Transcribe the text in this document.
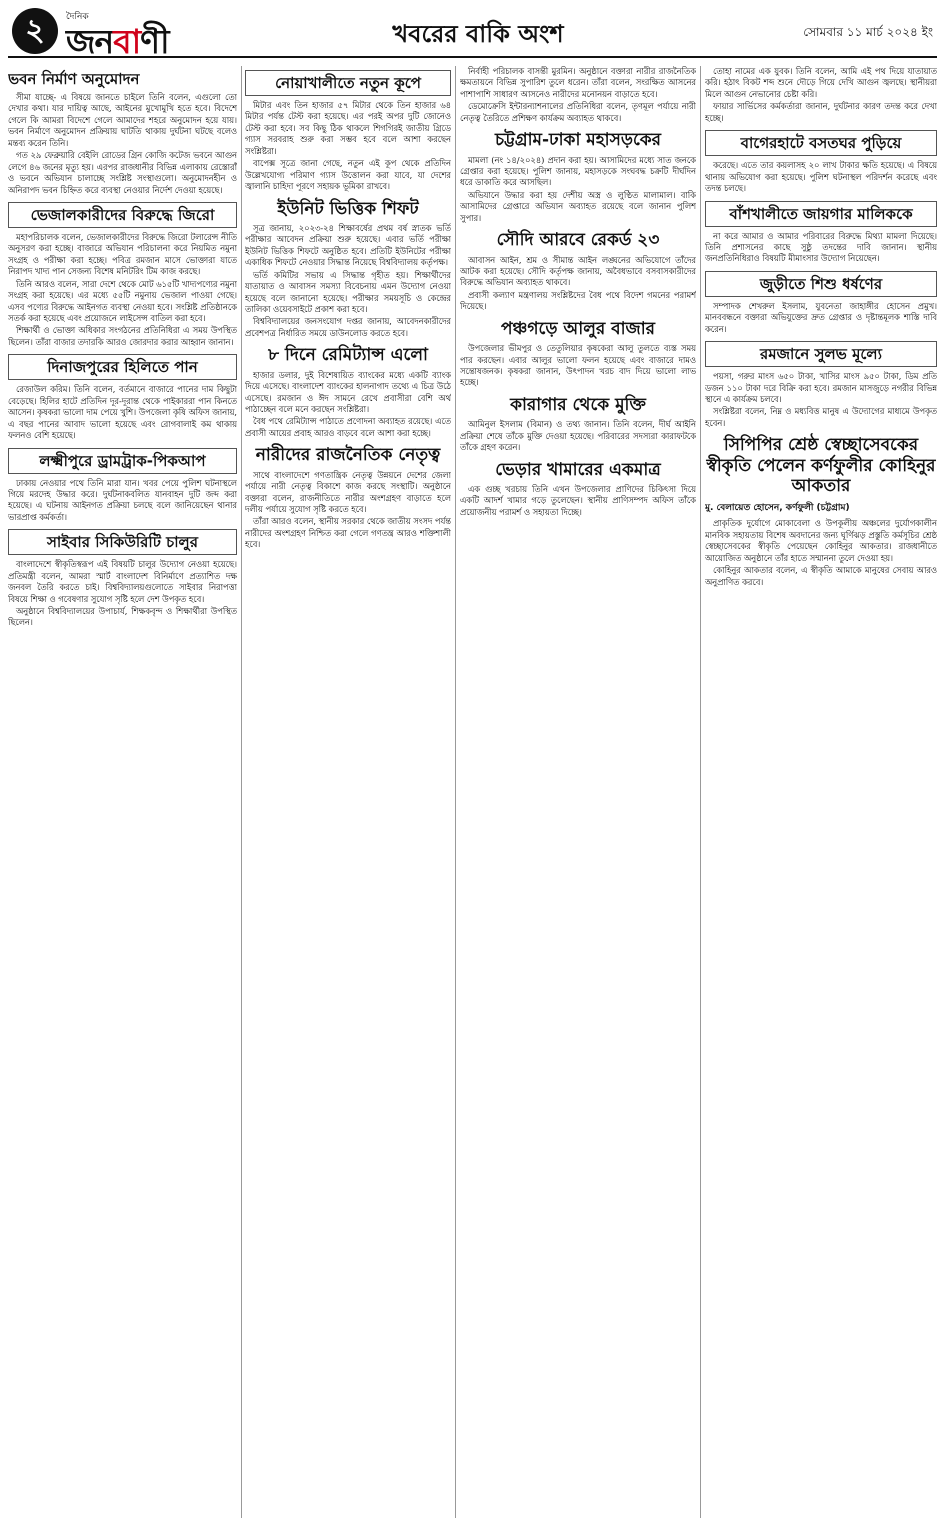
২	দৈনিক
জনবাণী	খবরের বাকি অংশ	সোমবার ১১ মার্চ ২০২৪ ইং
ভবন নির্মাণ অনুমোদন

সীমা যাচ্ছে- এ বিষয়ে জানতে চাইলে তিনি বলেন, এগুলো তো দেখার কথা। যার দায়িত্ব আছে, আইনের মুখোমুখি হতে হবে। বিদেশে গেলে কি আমরা বিদেশে গেলে আমাদের শহরে অনুমোদন হয়ে যায়। ভবন নির্মাণে অনুমোদন প্রক্রিয়ায় ঘাটতি থাকায় দুর্ঘটনা ঘটছে বলেও মন্তব্য করেন তিনি।

গত ২৯ ফেব্রুয়ারি বেইলি রোডের গ্রিন কোজি কটেজ ভবনে আগুন লেগে ৪৬ জনের মৃত্যু হয়। এরপর রাজধানীর বিভিন্ন এলাকায় রেস্তোরাঁ ও ভবনে অভিযান চালাচ্ছে সংশ্লিষ্ট সংস্থাগুলো। অনুমোদনহীন ও অনিরাপদ ভবন চিহ্নিত করে ব্যবস্থা নেওয়ার নির্দেশ দেওয়া হয়েছে।

ভেজালকারীদের বিরুদ্ধে জিরো

মহাপরিচালক বলেন, ভেজালকারীদের বিরুদ্ধে জিরো টলারেন্স নীতি অনুসরণ করা হচ্ছে। বাজারে অভিযান পরিচালনা করে নিয়মিত নমুনা সংগ্রহ ও পরীক্ষা করা হচ্ছে। পবিত্র রমজান মাসে ভোক্তারা যাতে নিরাপদ খাদ্য পান সেজন্য বিশেষ মনিটরিং টিম কাজ করছে।

তিনি আরও বলেন, সারা দেশে থেকে মোট ৬১৫টি খাদ্যপণ্যের নমুনা সংগ্রহ করা হয়েছে। এর মধ্যে ৫৫টি নমুনায় ভেজাল পাওয়া গেছে। এসব পণ্যের বিরুদ্ধে আইনগত ব্যবস্থা নেওয়া হবে। সংশ্লিষ্ট প্রতিষ্ঠানকে সতর্ক করা হয়েছে এবং প্রয়োজনে লাইসেন্স বাতিল করা হবে।

শিক্ষার্থী ও ভোক্তা অধিকার সংগঠনের প্রতিনিধিরা এ সময় উপস্থিত ছিলেন। তাঁরা বাজার তদারকি আরও জোরদার করার আহ্বান জানান।

দিনাজপুরের হিলিতে পান

রেজাউল করিম। তিনি বলেন, বর্তমানে বাজারে পানের দাম কিছুটা বেড়েছে। হিলির হাটে প্রতিদিন দূর-দূরান্ত থেকে পাইকাররা পান কিনতে আসেন। কৃষকরা ভালো দাম পেয়ে খুশি। উপজেলা কৃষি অফিস জানায়, এ বছর পানের আবাদ ভালো হয়েছে এবং রোগবালাই কম থাকায় ফলনও বেশি হয়েছে।

লক্ষ্মীপুরে ড্রামট্রাক-পিকআপ

ঢাকায় নেওয়ার পথে তিনি মারা যান। খবর পেয়ে পুলিশ ঘটনাস্থলে গিয়ে মরদেহ উদ্ধার করে। দুর্ঘটনাকবলিত যানবাহন দুটি জব্দ করা হয়েছে। এ ঘটনায় আইনগত প্রক্রিয়া চলছে বলে জানিয়েছেন থানার ভারপ্রাপ্ত কর্মকর্তা।

সাইবার সিকিউরিটি চালুর

বাংলাদেশে স্বীকৃতিস্বরূপ এই বিষয়টি চালুর উদ্যোগ নেওয়া হয়েছে। প্রতিমন্ত্রী বলেন, আমরা স্মার্ট বাংলাদেশ বিনির্মাণে প্রত্যাশিত দক্ষ জনবল তৈরি করতে চাই। বিশ্ববিদ্যালয়গুলোতে সাইবার নিরাপত্তা বিষয়ে শিক্ষা ও গবেষণার সুযোগ সৃষ্টি হলে দেশ উপকৃত হবে।

অনুষ্ঠানে বিশ্ববিদ্যালয়ের উপাচার্য, শিক্ষকবৃন্দ ও শিক্ষার্থীরা উপস্থিত ছিলেন।

নোয়াখালীতে নতুন কূপে

মিটার এবং তিন হাজার ৫৭ মিটার থেকে তিন হাজার ৬৪ মিটার পর্যন্ত টেস্ট করা হয়েছে। এর পরই অপর দুটি জোনেও টেস্ট করা হবে। সব কিছু ঠিক থাকলে শিগগিরই জাতীয় গ্রিডে গ্যাস সরবরাহ শুরু করা সম্ভব হবে বলে আশা করছেন সংশ্লিষ্টরা।

বাপেক্স সূত্রে জানা গেছে, নতুন এই কূপ থেকে প্রতিদিন উল্লেখযোগ্য পরিমাণ গ্যাস উত্তোলন করা যাবে, যা দেশের জ্বালানি চাহিদা পূরণে সহায়ক ভূমিকা রাখবে।

ইউনিট ভিত্তিক শিফট

সূত্র জানায়, ২০২৩-২৪ শিক্ষাবর্ষের প্রথম বর্ষ স্নাতক ভর্তি পরীক্ষার আবেদন প্রক্রিয়া শুরু হয়েছে। এবার ভর্তি পরীক্ষা ইউনিট ভিত্তিক শিফটে অনুষ্ঠিত হবে। প্রতিটি ইউনিটের পরীক্ষা একাধিক শিফটে নেওয়ার সিদ্ধান্ত নিয়েছে বিশ্ববিদ্যালয় কর্তৃপক্ষ।

ভর্তি কমিটির সভায় এ সিদ্ধান্ত গৃহীত হয়। শিক্ষার্থীদের যাতায়াত ও আবাসন সমস্যা বিবেচনায় এমন উদ্যোগ নেওয়া হয়েছে বলে জানানো হয়েছে। পরীক্ষার সময়সূচি ও কেন্দ্রের তালিকা ওয়েবসাইটে প্রকাশ করা হবে।

বিশ্ববিদ্যালয়ের জনসংযোগ দপ্তর জানায়, আবেদনকারীদের প্রবেশপত্র নির্ধারিত সময়ে ডাউনলোড করতে হবে।

৮ দিনে রেমিট্যান্স এলো

হাজার ডলার, দুই বিশেষায়িত ব্যাংকের মধ্যে একটি ব্যাংক দিয়ে এসেছে। বাংলাদেশ ব্যাংকের হালনাগাদ তথ্যে এ চিত্র উঠে এসেছে। রমজান ও ঈদ সামনে রেখে প্রবাসীরা বেশি অর্থ পাঠাচ্ছেন বলে মনে করছেন সংশ্লিষ্টরা।

বৈধ পথে রেমিট্যান্স পাঠাতে প্রণোদনা অব্যাহত রয়েছে। এতে প্রবাসী আয়ের প্রবাহ আরও বাড়বে বলে আশা করা হচ্ছে।

নারীদের রাজনৈতিক নেতৃত্ব

সাথে বাংলাদেশে গণতান্ত্রিক নেতৃত্ব উন্নয়নে দেশের জেলা পর্যায়ে নারী নেতৃত্ব বিকাশে কাজ করছে সংস্থাটি। অনুষ্ঠানে বক্তারা বলেন, রাজনীতিতে নারীর অংশগ্রহণ বাড়াতে হলে দলীয় পর্যায়ে সুযোগ সৃষ্টি করতে হবে।

তাঁরা আরও বলেন, স্থানীয় সরকার থেকে জাতীয় সংসদ পর্যন্ত নারীদের অংশগ্রহণ নিশ্চিত করা গেলে গণতন্ত্র আরও শক্তিশালী হবে।

নির্বাহী পরিচালক বাসন্তী মুরমিন। অনুষ্ঠানে বক্তারা নারীর রাজনৈতিক ক্ষমতায়নে বিভিন্ন সুপারিশ তুলে ধরেন। তাঁরা বলেন, সংরক্ষিত আসনের পাশাপাশি সাধারণ আসনেও নারীদের মনোনয়ন বাড়াতে হবে।

ডেমোক্রেসি ইন্টারন্যাশনালের প্রতিনিধিরা বলেন, তৃণমূল পর্যায়ে নারী নেতৃত্ব তৈরিতে প্রশিক্ষণ কার্যক্রম অব্যাহত থাকবে।

চট্টগ্রাম-ঢাকা মহাসড়কের

মামলা (নং ১৪/২০২৪) প্রদান করা হয়। আসামিদের মধ্যে সাত জনকে গ্রেপ্তার করা হয়েছে। পুলিশ জানায়, মহাসড়কে সংঘবদ্ধ চক্রটি দীর্ঘদিন ধরে ডাকাতি করে আসছিল।

অভিযানে উদ্ধার করা হয় দেশীয় অস্ত্র ও লুণ্ঠিত মালামাল। বাকি আসামিদের গ্রেপ্তারে অভিযান অব্যাহত রয়েছে বলে জানান পুলিশ সুপার।

সৌদি আরবে রেকর্ড ২৩

আবাসন আইন, শ্রম ও সীমান্ত আইন লঙ্ঘনের অভিযোগে তাঁদের আটক করা হয়েছে। সৌদি কর্তৃপক্ষ জানায়, অবৈধভাবে বসবাসকারীদের বিরুদ্ধে অভিযান অব্যাহত থাকবে।

প্রবাসী কল্যাণ মন্ত্রণালয় সংশ্লিষ্টদের বৈধ পথে বিদেশ গমনের পরামর্শ দিয়েছে।

পঞ্চগড়ে আলুর বাজার

উপজেলার ভীমপুর ও তেতুলিয়ার কৃষকেরা আলু তুলতে ব্যস্ত সময় পার করছেন। এবার আলুর ভালো ফলন হয়েছে এবং বাজারে দামও সন্তোষজনক। কৃষকরা জানান, উৎপাদন খরচ বাদ দিয়ে ভালো লাভ হচ্ছে।

কারাগার থেকে মুক্তি

আমিনুল ইসলাম (বিমান) ও তথ্য জানান। তিনি বলেন, দীর্ঘ আইনি প্রক্রিয়া শেষে তাঁকে মুক্তি দেওয়া হয়েছে। পরিবারের সদস্যরা কারাফটকে তাঁকে গ্রহণ করেন।

ভেড়ার খামারের একমাত্র

এক গুচ্ছ খরচায় তিনি এখন উপজেলার প্রাণিদের চিকিৎসা দিয়ে একটি আদর্শ খামার গড়ে তুলেছেন। স্থানীয় প্রাণিসম্পদ অফিস তাঁকে প্রয়োজনীয় পরামর্শ ও সহায়তা দিচ্ছে।

তোহা নামের এক যুবক। তিনি বলেন, আমি এই পথ দিয়ে যাতায়াত করি। হঠাৎ বিকট শব্দ শুনে দৌড়ে গিয়ে দেখি আগুন জ্বলছে। স্থানীয়রা মিলে আগুন নেভানোর চেষ্টা করি।

ফায়ার সার্ভিসের কর্মকর্তারা জানান, দুর্ঘটনার কারণ তদন্ত করে দেখা হচ্ছে।

বাগেরহাটে বসতঘর পুড়িয়ে

করেছে। এতে তার কয়লাসহ ২০ লাখ টাকার ক্ষতি হয়েছে। এ বিষয়ে থানায় অভিযোগ করা হয়েছে। পুলিশ ঘটনাস্থল পরিদর্শন করেছে এবং তদন্ত চলছে।

বাঁশখালীতে জায়গার মালিককে

না করে আমার ও আমার পরিবারের বিরুদ্ধে মিথ্যা মামলা দিয়েছে। তিনি প্রশাসনের কাছে সুষ্ঠু তদন্তের দাবি জানান। স্থানীয় জনপ্রতিনিধিরাও বিষয়টি মীমাংসার উদ্যোগ নিয়েছেন।

জুড়ীতে শিশু ধর্ষণের

সম্পাদক শেখরুল ইসলাম, যুবনেতা জাহাঙ্গীর হোসেন প্রমুখ। মানববন্ধনে বক্তারা অভিযুক্তের দ্রুত গ্রেপ্তার ও দৃষ্টান্তমূলক শাস্তি দাবি করেন।

রমজানে সুলভ মূল্যে

পয়সা, গরুর মাংস ৬৫০ টাকা, খাসির মাংস ৯৫০ টাকা, ডিম প্রতি ডজন ১১০ টাকা দরে বিক্রি করা হবে। রমজান মাসজুড়ে নগরীর বিভিন্ন স্থানে এ কার্যক্রম চলবে।

সংশ্লিষ্টরা বলেন, নিম্ন ও মধ্যবিত্ত মানুষ এ উদ্যোগের মাধ্যমে উপকৃত হবেন।

সিপিপির শ্রেষ্ঠ স্বেচ্ছাসেবকের স্বীকৃতি পেলেন কর্ণফুলীর কোহিনুর আকতার
মু. বেলায়েত হোসেন, কর্ণফুলী (চট্টগ্রাম)

প্রাকৃতিক দুর্যোগে মোকাবেলা ও উপকূলীয় অঞ্চলের দুর্যোগকালীন মানবিক সহায়তায় বিশেষ অবদানের জন্য ঘূর্ণিঝড় প্রস্তুতি কর্মসূচির শ্রেষ্ঠ স্বেচ্ছাসেবকের স্বীকৃতি পেয়েছেন কোহিনুর আকতার। রাজধানীতে আয়োজিত অনুষ্ঠানে তাঁর হাতে সম্মাননা তুলে দেওয়া হয়।

কোহিনুর আকতার বলেন, এ স্বীকৃতি আমাকে মানুষের সেবায় আরও অনুপ্রাণিত করবে।
